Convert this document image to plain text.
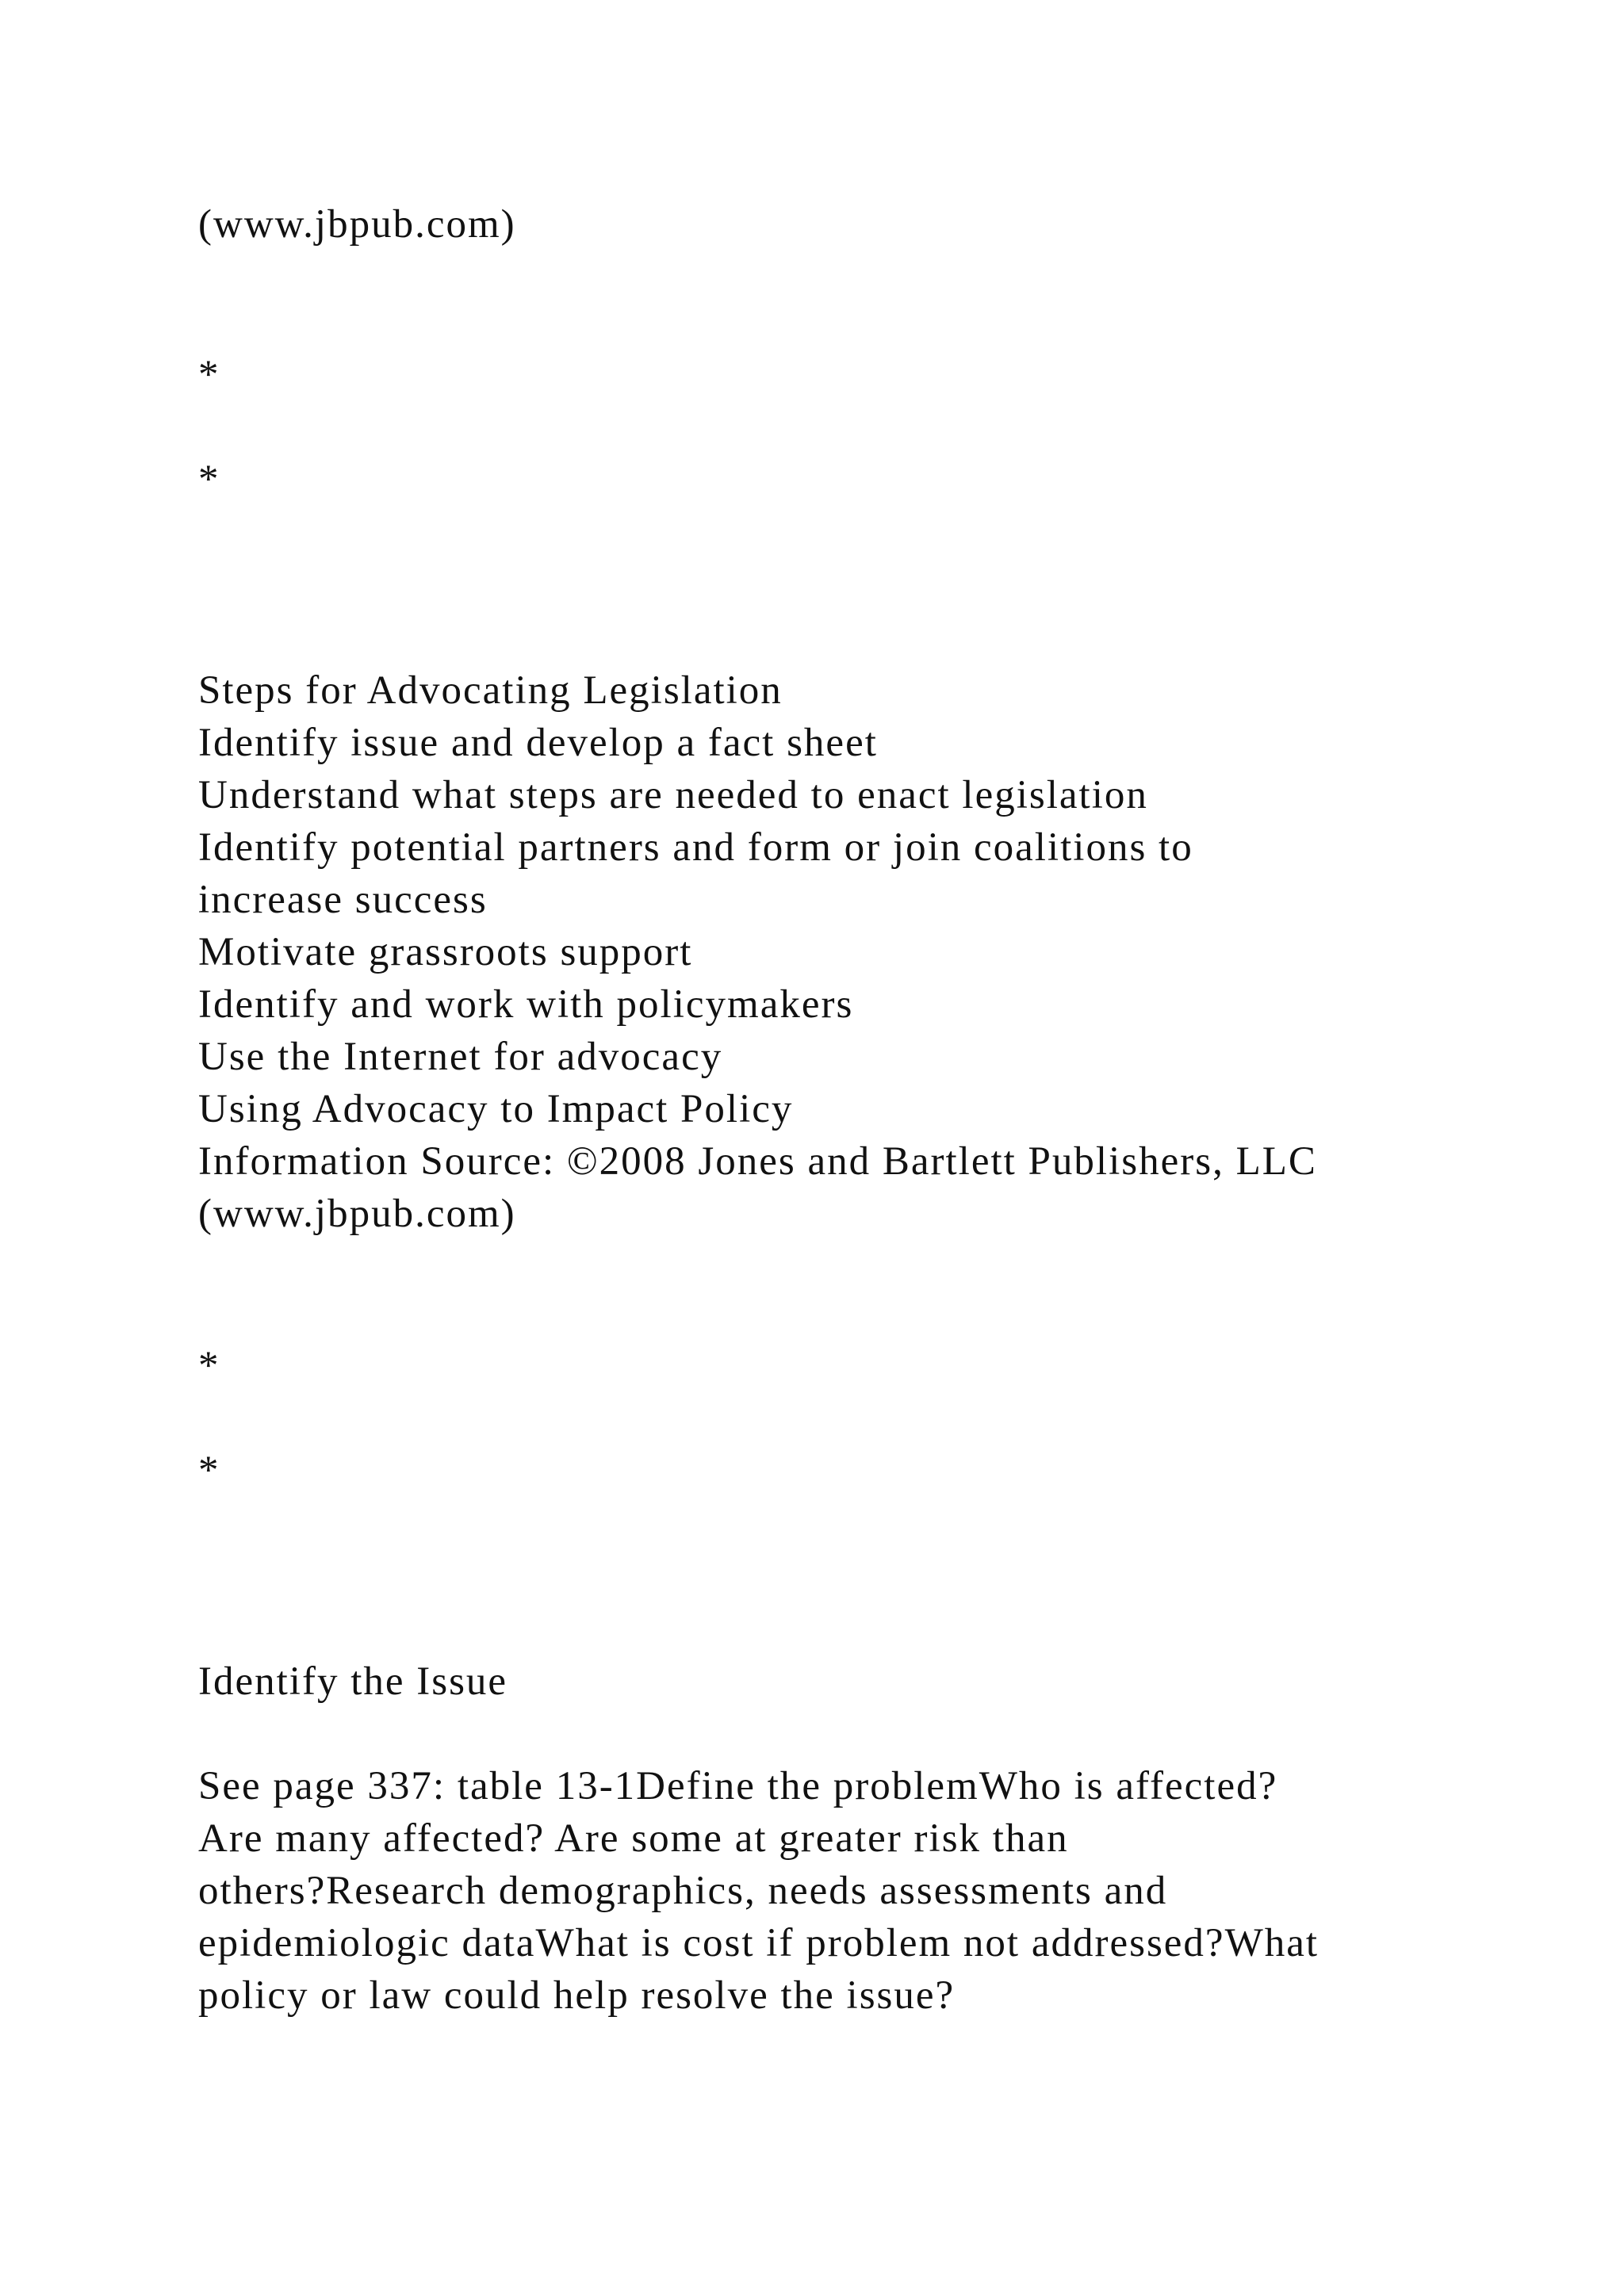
(www.jbpub.com)
*
*
Steps for Advocating Legislation
Identify issue and develop a fact sheet
Understand what steps are needed to enact legislation
Identify potential partners and form or join coalitions to
increase success
Motivate grassroots support
Identify and work with policymakers
Use the Internet for advocacy
Using Advocacy to Impact Policy
Information Source: ©2008 Jones and Bartlett Publishers, LLC
(www.jbpub.com)
*
*
Identify the Issue
See page 337: table 13-1Define the problemWho is affected?
Are many affected? Are some at greater risk than
others?Research demographics, needs assessments and
epidemiologic dataWhat is cost if problem not addressed?What
policy or law could help resolve the issue?
